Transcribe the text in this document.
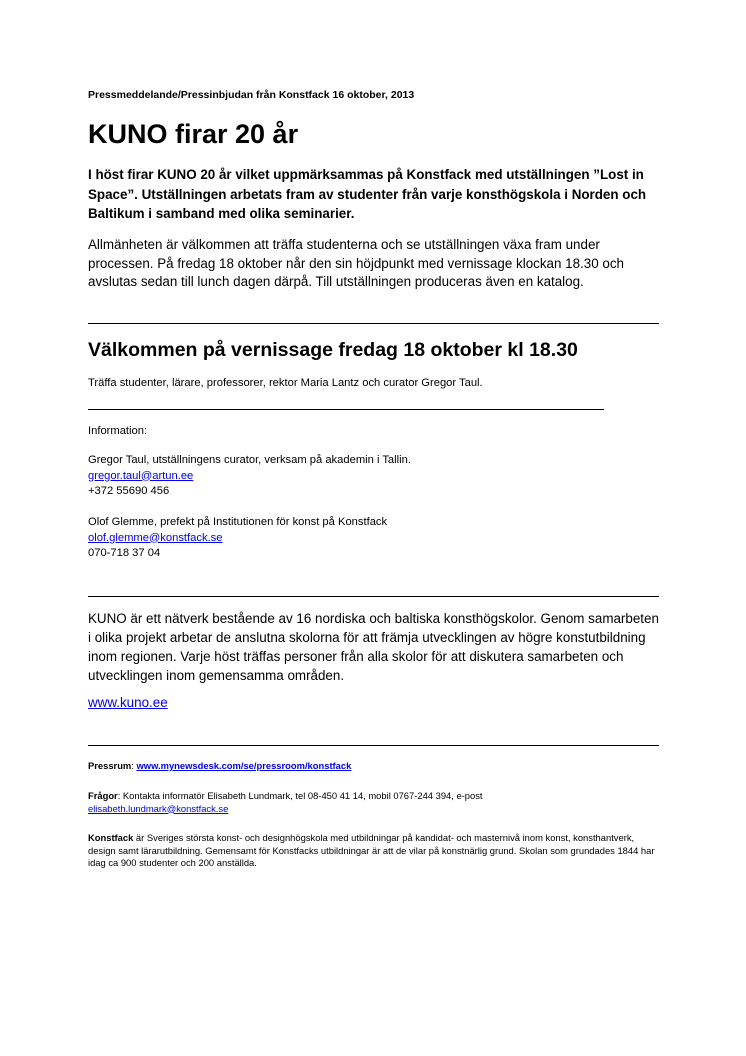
Pressmeddelande/Pressinbjudan från Konstfack 16 oktober, 2013
KUNO firar 20 år

I höst firar KUNO 20 år vilket uppmärksammas på Konstfack med utställningen ”Lost in Space”. Utställningen arbetats fram av studenter från varje konsthögskola i Norden och Baltikum i samband med olika seminarier.

Allmänheten är välkommen att träffa studenterna och se utställningen växa fram under processen. På fredag 18 oktober når den sin höjdpunkt med vernissage klockan 18.30 och avslutas sedan till lunch dagen därpå. Till utställningen produceras även en katalog.

Välkommen på vernissage fredag 18 oktober kl 18.30

Träffa studenter, lärare, professorer, rektor Maria Lantz och curator Gregor Taul.

Information:

Gregor Taul, utställningens curator, verksam på akademin i Tallin.
gregor.taul@artun.ee
+372 55690 456
Olof Glemme, prefekt på Institutionen för konst på Konstfack
olof.glemme@konstfack.se
070-718 37 04

KUNO är ett nätverk bestående av 16 nordiska och baltiska konsthögskolor. Genom samarbeten i olika projekt arbetar de anslutna skolorna för att främja utvecklingen av högre konstutbildning inom regionen. Varje höst träffas personer från alla skolor för att diskutera samarbeten och utvecklingen inom gemensamma områden.

www.kuno.ee

Pressrum: www.mynewsdesk.com/se/pressroom/konstfack

Frågor: Kontakta informatör Elisabeth Lundmark, tel 08-450 41 14, mobil 0767-244 394, e-post
elisabeth.lundmark@konstfack.se

Konstfack är Sveriges största konst- och designhögskola med utbildningar på kandidat- och masternivå inom konst, konsthantverk, design samt lärarutbildning. Gemensamt för Konstfacks utbildningar är att de vilar på konstnärlig grund. Skolan som grundades 1844 har idag ca 900 studenter och 200 anställda.
